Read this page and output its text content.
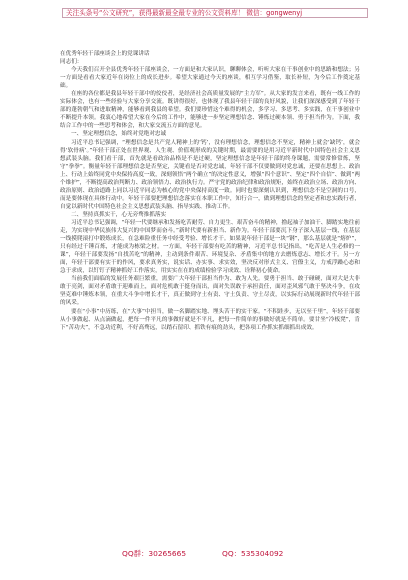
关注头条号“公文研究”，获得最新最全最专业的公文资料库！ 微信：gongwenyj

在优秀年轻干部座谈会上的党课讲话

同志们：

今天我们召开全县优秀年轻干部座谈会，一方面是和大家认识，聊聊体会，听听大家在干事创业中的思路和想法；另一方面是看看大家近年在岗位上的成长进步。希望大家通过今天的座谈，相互学习借鉴，取长补短，为今后工作奠定基础。

在座的各位都是我县年轻干部中的佼佼者，是经济社会高质量发展的“主力军”。从大家的发言来看，既有一线工作的实际体会，也有一些经验与大家分享交流。既讲得很好，也体现了我县年轻干部的良好风貌，让我们深深感受到了年轻干部的蓬勃朝气和进取精神，能够看到我县的希望。我们要珍惜这个难得的机会，多学习、多思考、多实践，在干事创业中不断提升本领。我衷心地希望大家在今后的工作中，能够进一步坚定理想信念、锤炼过硬本领、勇于担当作为。下面，我结合工作中的一些思考和体会，和大家交流五方面的意见。

一、坚定理想信念，始终对党绝对忠诚

习近平总书记强调，“理想信念是共产党人精神上的‘钙’，没有理想信念，理想信念不坚定，精神上就会‘缺钙’，就会得‘软骨病’。”年轻干部正处在世界观、人生观、价值观形成的关键时期，最需要的是用习近平新时代中国特色社会主义思想武装头脑。我们看干部，首先就是看政治品格是不是过硬，坚定理想信念是年轻干部的终身课题，需要常修常炼，坚守“拳拳”。衡量年轻干部理想信念是否坚定，关键看是否对党忠诚，年轻干部不仅要做到对党忠诚，还要在思想上、政治上、行动上始终同党中央保持高度一致，深刻领悟“两个确立”的决定性意义，增强“四个意识”、坚定“四个自信”、做到“两个维护”，不断提高政治判断力、政治领悟力、政治执行力。严守党的政治纪律和政治规矩，始终在政治立场、政治方向、政治原则、政治道路上同以习近平同志为核心的党中央保持高度一致。同时也要深刻认识到，理想信念不是空洞的口号，而是要体现在具体行动中。年轻干部要把理想信念落实在本职工作中，知行合一，做到理想信念的坚定者和忠实践行者，自觉以新时代中国特色社会主义思想武装头脑、指导实践、推动工作。

二、坚持真抓实干，心无旁骛推抓落实

习近平总书记强调，“年轻一代要继承和发扬吃苦耐劳、自力更生、艰苦奋斗的精神，撸起袖子加油干、脚踏实地往前走，为实现中华民族伟大复兴的中国梦而奋斗。”新时代要有新担当、新作为。年轻干部要沉下身子深入基层一线，在基层一线摸爬滚打中锻炼成长，在急难险重任务中经受考验、增长才干。如果说年轻干部是一块“钢”，那么基层就是“熔炉”，只有经过千锤百炼，才能成为栋梁之材。一方面，年轻干部要有吃苦的精神，习近平总书记指出，“吃苦是人生必修的一课”，年轻干部要发扬“自找苦吃”的精神，主动到条件艰苦、环境复杂、矛盾集中的地方去磨炼意志、增长才干。另一方面，年轻干部要有实干的作风，要求真务实，说实话、办实事、求实效，坚决反对形式主义、官僚主义，力戒浮躁心态和急于求成，以钉钉子精神抓好工作落实，用实实在在的成绩检验学习成效、诠释初心使命。

当前我们面临的发展任务艰巨繁重，需要广大年轻干部担当作为、敢为人先。要勇于担当、敢于碰硬，面对大是大非敢于亮剑，面对矛盾敢于迎难而上，面对危机敢于挺身而出，面对失误敢于承担责任，面对歪风邪气敢于坚决斗争，在攻坚克难中锤炼本领，在重大斗争中增长才干，真正做到守土有责、守土负责、守土尽责，以实际行动展现新时代年轻干部的风采。

要在“小事”中历练，在“大事”中担当，做一名脚踏实地、埋头苦干的实干家。“不积跬步，无以至千里”，年轻干部要从小事做起、从点滴做起，把每一件平凡的事做好就是不平凡，把每一件简单的事做好就是不简单。要甘坐“冷板凳”，肯下“苦功夫”，不急功近利，不好高骛远，以踏石留印、抓铁有痕的劲头，把各项工作抓实抓细抓出成效。

QQ群：30265665	QQ：535304092
